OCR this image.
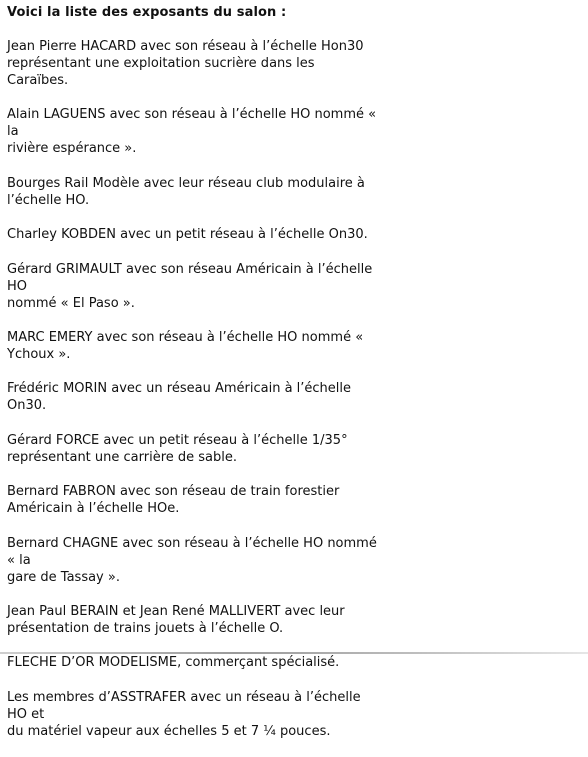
Voici la liste des exposants du salon :
Jean Pierre HACARD avec son réseau à l’échelle Hon30
représentant une exploitation sucrière dans les Caraïbes.
Alain LAGUENS avec son réseau à l’échelle HO nommé « la
rivière espérance ».
Bourges Rail Modèle avec leur réseau club modulaire à
l’échelle HO.
Charley KOBDEN avec un petit réseau à l’échelle On30.
Gérard GRIMAULT avec son réseau Américain à l’échelle HO
nommé « El Paso ».
MARC EMERY avec son réseau à l’échelle HO nommé «
Ychoux ».
Frédéric MORIN avec un réseau Américain à l’échelle On30.
Gérard FORCE avec un petit réseau à l’échelle 1/35°
représentant une carrière de sable.
Bernard FABRON avec son réseau de train forestier
Américain à l’échelle HOe.
Bernard CHAGNE avec son réseau à l’échelle HO nommé « la
gare de Tassay ».
Jean Paul BERAIN et Jean René MALLIVERT avec leur
présentation de trains jouets à l’échelle O.
FLECHE D’OR MODELISME, commerçant spécialisé.
Les membres d’ASSTRAFER avec un réseau à l’échelle HO et
du matériel vapeur aux échelles 5 et 7 ¼ pouces.
